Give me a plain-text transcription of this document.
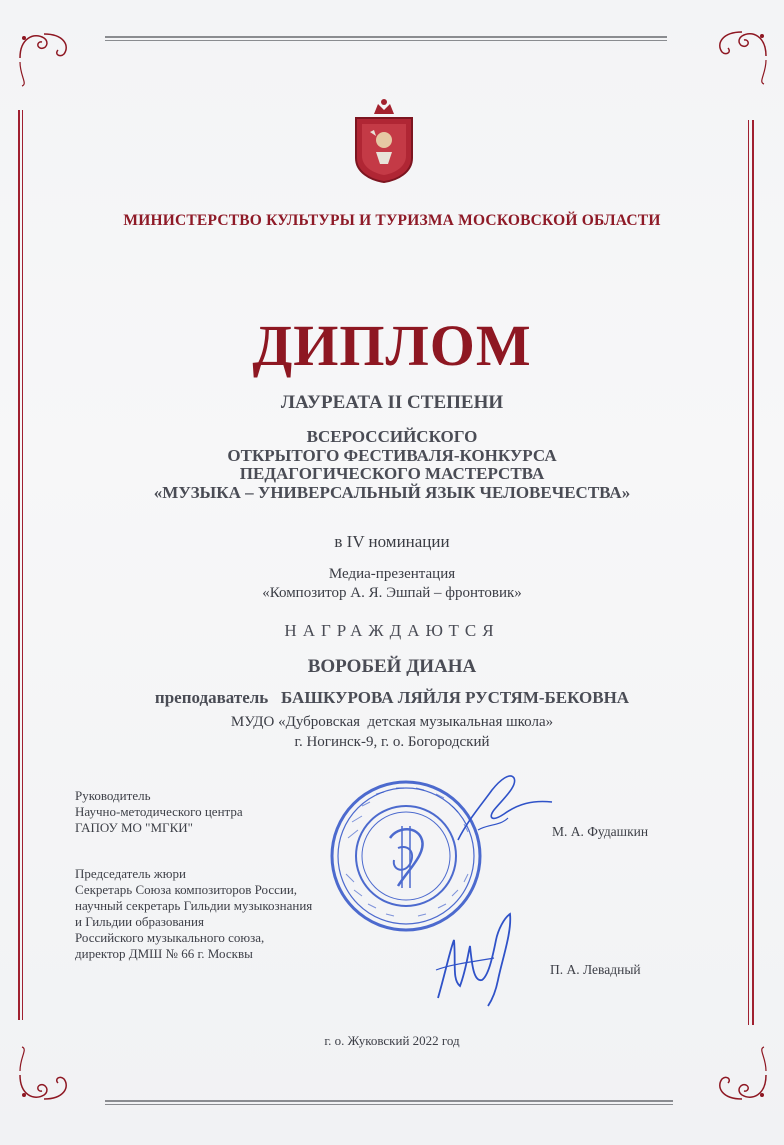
МИНИСТЕРСТВО КУЛЬТУРЫ И ТУРИЗМА МОСКОВСКОЙ ОБЛАСТИ
ДИПЛОМ
ЛАУРЕАТА II СТЕПЕНИ
ВСЕРОССИЙСКОГО
ОТКРЫТОГО ФЕСТИВАЛЯ-КОНКУРСА
ПЕДАГОГИЧЕСКОГО МАСТЕРСТВА
«МУЗЫКА – УНИВЕРСАЛЬНЫЙ ЯЗЫК ЧЕЛОВЕЧЕСТВА»
в IV номинации
Медиа-презентация
«Композитор А. Я. Эшпай – фронтовик»
НАГРАЖДАЮТСЯ
ВОРОБЕЙ ДИАНА
преподаватель БАШКУРОВА ЛЯЙЛЯ РУСТЯМ-БЕКОВНА
МУДО «Дубровская  детская музыкальная школа»
г. Ногинск-9, г. о. Богородский
Руководитель
Научно-методического центра
ГАПОУ МО "МГКИ"	М. А. Фудашкин
Председатель жюри
Секретарь Союза композиторов России,
научный секретарь Гильдии музыкознания
и Гильдии образования
Российского музыкального союза,
директор ДМШ № 66 г. Москвы
П. А. Левадный
г. о. Жуковский 2022 год
